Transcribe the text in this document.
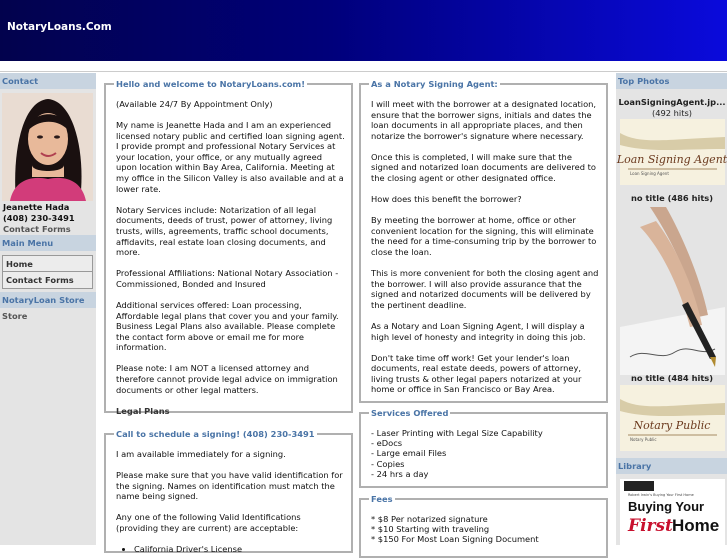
NotaryLoans.Com
Contact
Jeanette Hada
(408) 230-3491
Contact Forms
Main Menu
Home
Contact Forms
NotaryLoan Store
Store
Hello and welcome to NotaryLoans.com!

(Available 24/7 By Appointment Only)

My name is Jeanette Hada and I am an experienced licensed notary public and certified loan signing agent. I provide prompt and professional Notary Services at your location, your office, or any mutually agreed upon location within Bay Area, California. Meeting at my office in the Silicon Valley is also available and at a lower rate.

Notary Services include: Notarization of all legal documents, deeds of trust, power of attorney, living trusts, wills, agreements, traffic school documents, affidavits, real estate loan closing documents, and more.

Professional Affiliations: National Notary Association - Commissioned, Bonded and Insured

Additional services offered: Loan processing, Affordable legal plans that cover you and your family. Business Legal Plans also available. Please complete the contact form above or email me for more information.

Please note: I am NOT a licensed attorney and therefore cannot provide legal advice on immigration documents or other legal matters.

Legal Plans
Call to schedule a signing! (408) 230-3491

I am available immediately for a signing.

Please make sure that you have valid identification for the signing. Names on identification must match the name being signed.

Any one of the following Valid Identifications (providing they are current) are acceptable:

• California Driver's License
As a Notary Signing Agent:

I will meet with the borrower at a designated location, ensure that the borrower signs, initials and dates the loan documents in all appropriate places, and then notarize the borrower's signature where necessary.

Once this is completed, I will make sure that the signed and notarized loan documents are delivered to the closing agent or other designated office.

How does this benefit the borrower?

By meeting the borrower at home, office or other convenient location for the signing, this will eliminate the need for a time-consuming trip by the borrower to close the loan.

This is more convenient for both the closing agent and the borrower. I will also provide assurance that the signed and notarized documents will be delivered by the pertinent deadline.

As a Notary and Loan Signing Agent, I will display a high level of honesty and integrity in doing this job.

Don't take time off work! Get your lender's loan documents, real estate deeds, powers of attorney, living trusts & other legal papers notarized at your home or office in San Francisco or Bay Area.

Services Offered
- Laser Printing with Legal Size Capability
- eDocs
- Large email Files
- Copies
- 24 hrs a day
Fees
* $8 Per notarized signature
* $10 Starting with traveling
* $150 For Most Loan Signing Document
Top Photos
LoanSigningAgent.jp...
(492 hits)
Loan Signing Agent
Loan Signing Agent
no title (486 hits)
no title (484 hits)
Notary Public
Notary Public
Library
Robert Irwin's Buying Your First Home
Buying Your
First Home
